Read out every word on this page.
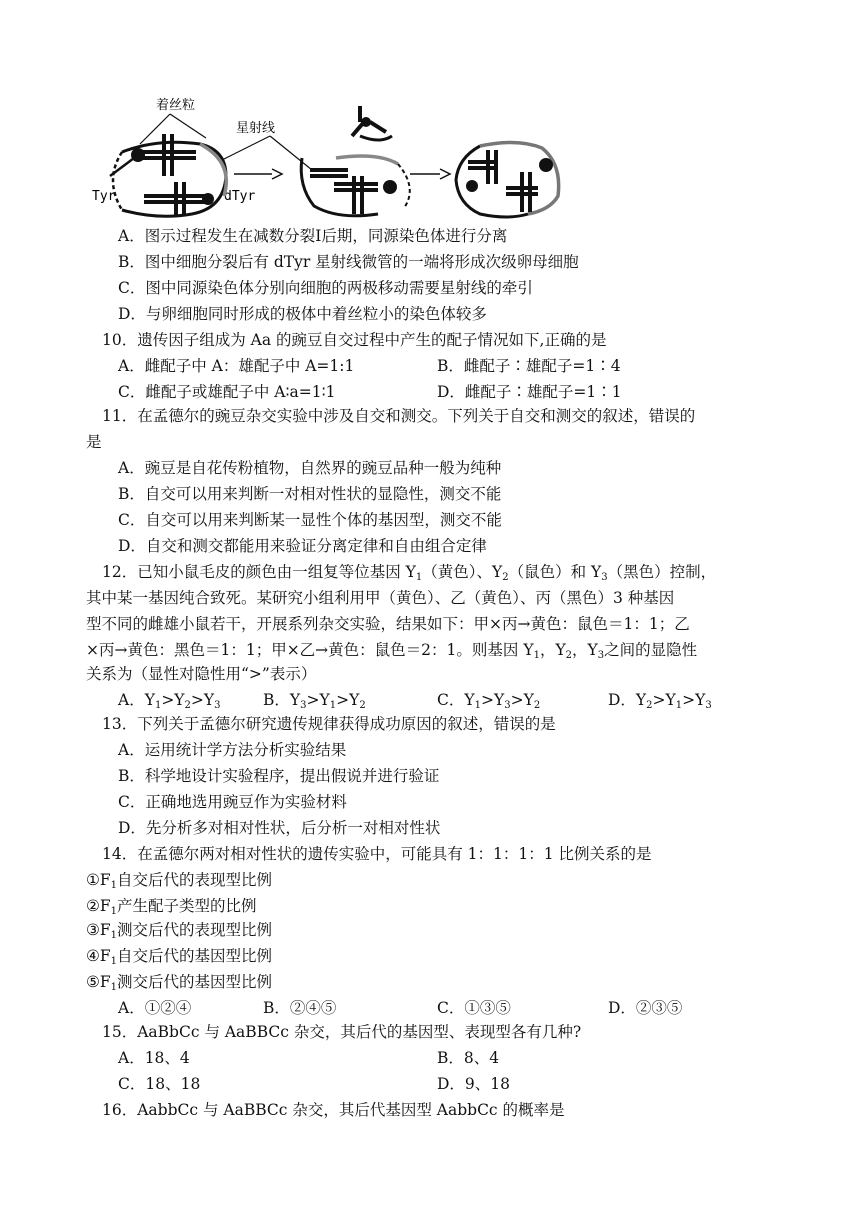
着丝粒
星射线
Tyr	dTyr
A．图示过程发生在减数分裂Ⅰ后期，同源染色体进行分离
B．图中细胞分裂后有 dTyr 星射线微管的一端将形成次级卵母细胞
C．图中同源染色体分别向细胞的两极移动需要星射线的牵引
D．与卵细胞同时形成的极体中着丝粒小的染色体较多
10．遗传因子组成为 Aa 的豌豆自交过程中产生的配子情况如下,正确的是
A．雌配子中 A：雄配子中 A=1:1	B．雌配子∶雄配子=1∶4
C．雌配子或雄配子中 A∶a=1∶1	D．雌配子∶雄配子=1∶1
11．在孟德尔的豌豆杂交实验中涉及自交和测交。下列关于自交和测交的叙述，错误的
是
A．豌豆是自花传粉植物，自然界的豌豆品种一般为纯种
B．自交可以用来判断一对相对性状的显隐性，测交不能
C．自交可以用来判断某一显性个体的基因型，测交不能
D．自交和测交都能用来验证分离定律和自由组合定律
12．已知小鼠毛皮的颜色由一组复等位基因 $Y_1$（黄色）、$Y_2$（鼠色）和 $Y_3$（黑色）控制，
其中某一基因纯合致死。某研究小组利用甲（黄色）、乙（黄色）、丙（黑色）3 种基因
型不同的雌雄小鼠若干，开展系列杂交实验，结果如下：甲×丙→黄色：鼠色＝1：1；乙
×丙→黄色：黑色＝1：1；甲×乙→黄色：鼠色＝2：1。则基因 $Y_1$，$Y_2$，$Y_3$之间的显隐性
关系为（显性对隐性用“>”表示）
A．$Y_1>Y_2>Y_3$	B．$Y_3>Y_1>Y_2$	C．$Y_1>Y_3>Y_2$	D．$Y_2>Y_1>Y_3$
13．下列关于孟德尔研究遗传规律获得成功原因的叙述，错误的是
A．运用统计学方法分析实验结果
B．科学地设计实验程序，提出假说并进行验证
C．正确地选用豌豆作为实验材料
D．先分析多对相对性状，后分析一对相对性状
14．在孟德尔两对相对性状的遗传实验中，可能具有 1：1：1：1 比例关系的是
$①F_1$自交后代的表现型比例
$②F_1$产生配子类型的比例
$③F_1$测交后代的表现型比例
$④F_1$自交后代的基因型比例
$⑤F_1$测交后代的基因型比例
A．①②④	B．②④⑤	C．①③⑤	D．②③⑤
15．AaBbCc 与 AaBBCc 杂交，其后代的基因型、表现型各有几种?
A．18、4	B．8、4
C．18、18	D．9、18
16．AabbCc 与 AaBBCc 杂交，其后代基因型 AabbCc 的概率是
